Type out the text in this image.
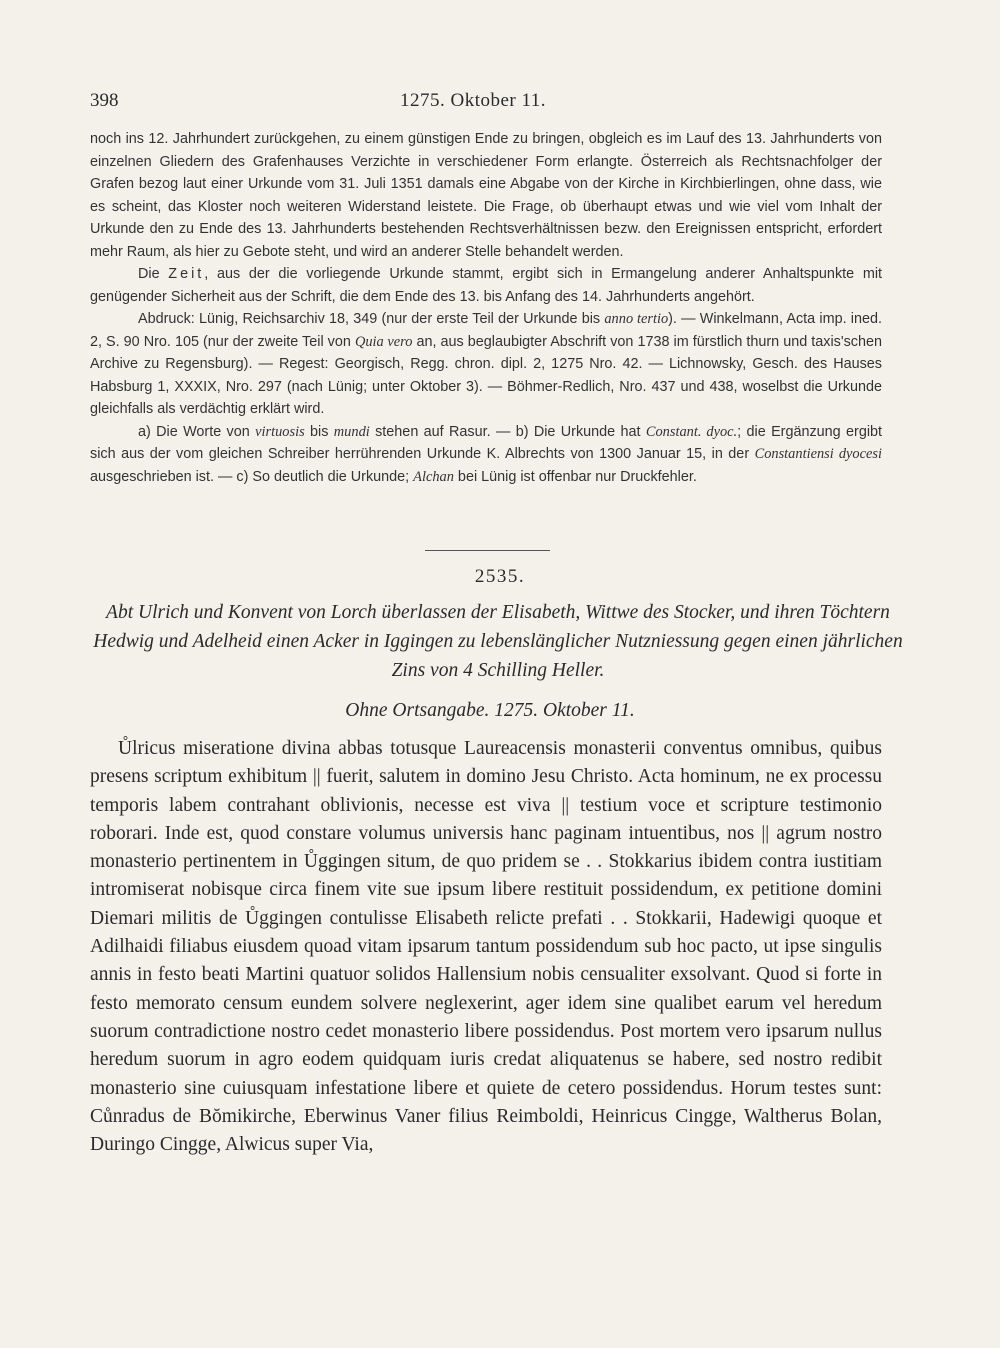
398	1275. Oktober 11.

noch ins 12. Jahrhundert zurückgehen, zu einem günstigen Ende zu bringen, obgleich es im Lauf des 13. Jahrhunderts von einzelnen Gliedern des Grafenhauses Verzichte in verschiedener Form erlangte. Österreich als Rechtsnachfolger der Grafen bezog laut einer Urkunde vom 31. Juli 1351 damals eine Abgabe von der Kirche in Kirchbierlingen, ohne dass, wie es scheint, das Kloster noch weiteren Widerstand leistete. Die Frage, ob überhaupt etwas und wie viel vom Inhalt der Urkunde den zu Ende des 13. Jahrhunderts bestehenden Rechtsverhältnissen bezw. den Ereignissen entspricht, erfordert mehr Raum, als hier zu Gebote steht, und wird an anderer Stelle behandelt werden.

Die Zeit, aus der die vorliegende Urkunde stammt, ergibt sich in Ermangelung anderer Anhaltspunkte mit genügender Sicherheit aus der Schrift, die dem Ende des 13. bis Anfang des 14. Jahrhunderts angehört.

Abdruck: Lünig, Reichsarchiv 18, 349 (nur der erste Teil der Urkunde bis anno tertio). — Winkelmann, Acta imp. ined. 2, S. 90 Nro. 105 (nur der zweite Teil von Quia vero an, aus beglaubigter Abschrift von 1738 im fürstlich thurn und taxis'schen Archive zu Regensburg). — Regest: Georgisch, Regg. chron. dipl. 2, 1275 Nro. 42. — Lichnowsky, Gesch. des Hauses Habsburg 1, XXXIX, Nro. 297 (nach Lünig; unter Oktober 3). — Böhmer-Redlich, Nro. 437 und 438, woselbst die Urkunde gleichfalls als verdächtig erklärt wird.

a) Die Worte von virtuosis bis mundi stehen auf Rasur. — b) Die Urkunde hat Constant. dyoc.; die Ergänzung ergibt sich aus der vom gleichen Schreiber herrührenden Urkunde K. Albrechts von 1300 Januar 15, in der Constantiensi dyocesi ausgeschrieben ist. — c) So deutlich die Urkunde; Alchan bei Lünig ist offenbar nur Druckfehler.

2535.
Abt Ulrich und Konvent von Lorch überlassen der Elisabeth, Wittwe des Stocker, und ihren Töchtern Hedwig und Adelheid einen Acker in Iggingen zu lebenslänglicher Nutzniessung gegen einen jährlichen Zins von 4 Schilling Heller.
Ohne Ortsangabe. 1275. Oktober 11.

Ůlricus miseratione divina abbas totusque Laureacensis monasterii conventus omnibus, quibus presens scriptum exhibitum || fuerit, salutem in domino Jesu Christo. Acta hominum, ne ex processu temporis labem contrahant oblivionis, necesse est viva || testium voce et scripture testimonio roborari. Inde est, quod constare volumus universis hanc paginam intuentibus, nos || agrum nostro monasterio pertinentem in Ůggingen situm, de quo pridem se . . Stokkarius ibidem contra iustitiam intromiserat nobisque circa finem vite sue ipsum libere restituit possidendum, ex petitione domini Diemari militis de Ůggingen contulisse Elisabeth relicte prefati . . Stokkarii, Hadewigi quoque et Adilhaidi filiabus eiusdem quoad vitam ipsarum tantum possidendum sub hoc pacto, ut ipse singulis annis in festo beati Martini quatuor solidos Hallensium nobis censualiter exsolvant. Quod si forte in festo memorato censum eundem solvere neglexerint, ager idem sine qualibet earum vel heredum suorum contradictione nostro cedet monasterio libere possidendus. Post mortem vero ipsarum nullus heredum suorum in agro eodem quidquam iuris credat aliquatenus se habere, sed nostro redibit monasterio sine cuiusquam infestatione libere et quiete de cetero possidendus. Horum testes sunt: Cůnradus de Bŏmikirche, Eberwinus Vaner filius Reimboldi, Heinricus Cingge, Waltherus Bolan, Duringo Cingge, Alwicus super Via,
